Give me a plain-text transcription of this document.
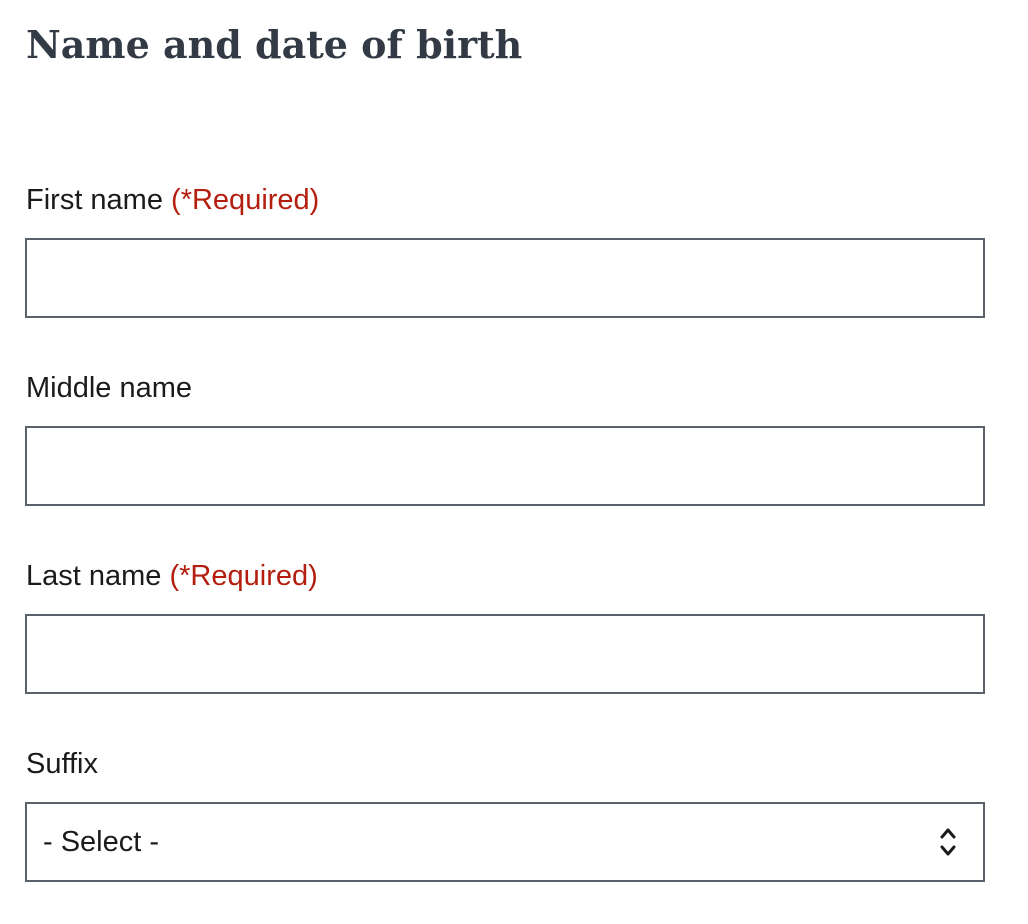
Name and date of birth
First name (*Required)
Middle name
Last name (*Required)
Suffix
- Select -
